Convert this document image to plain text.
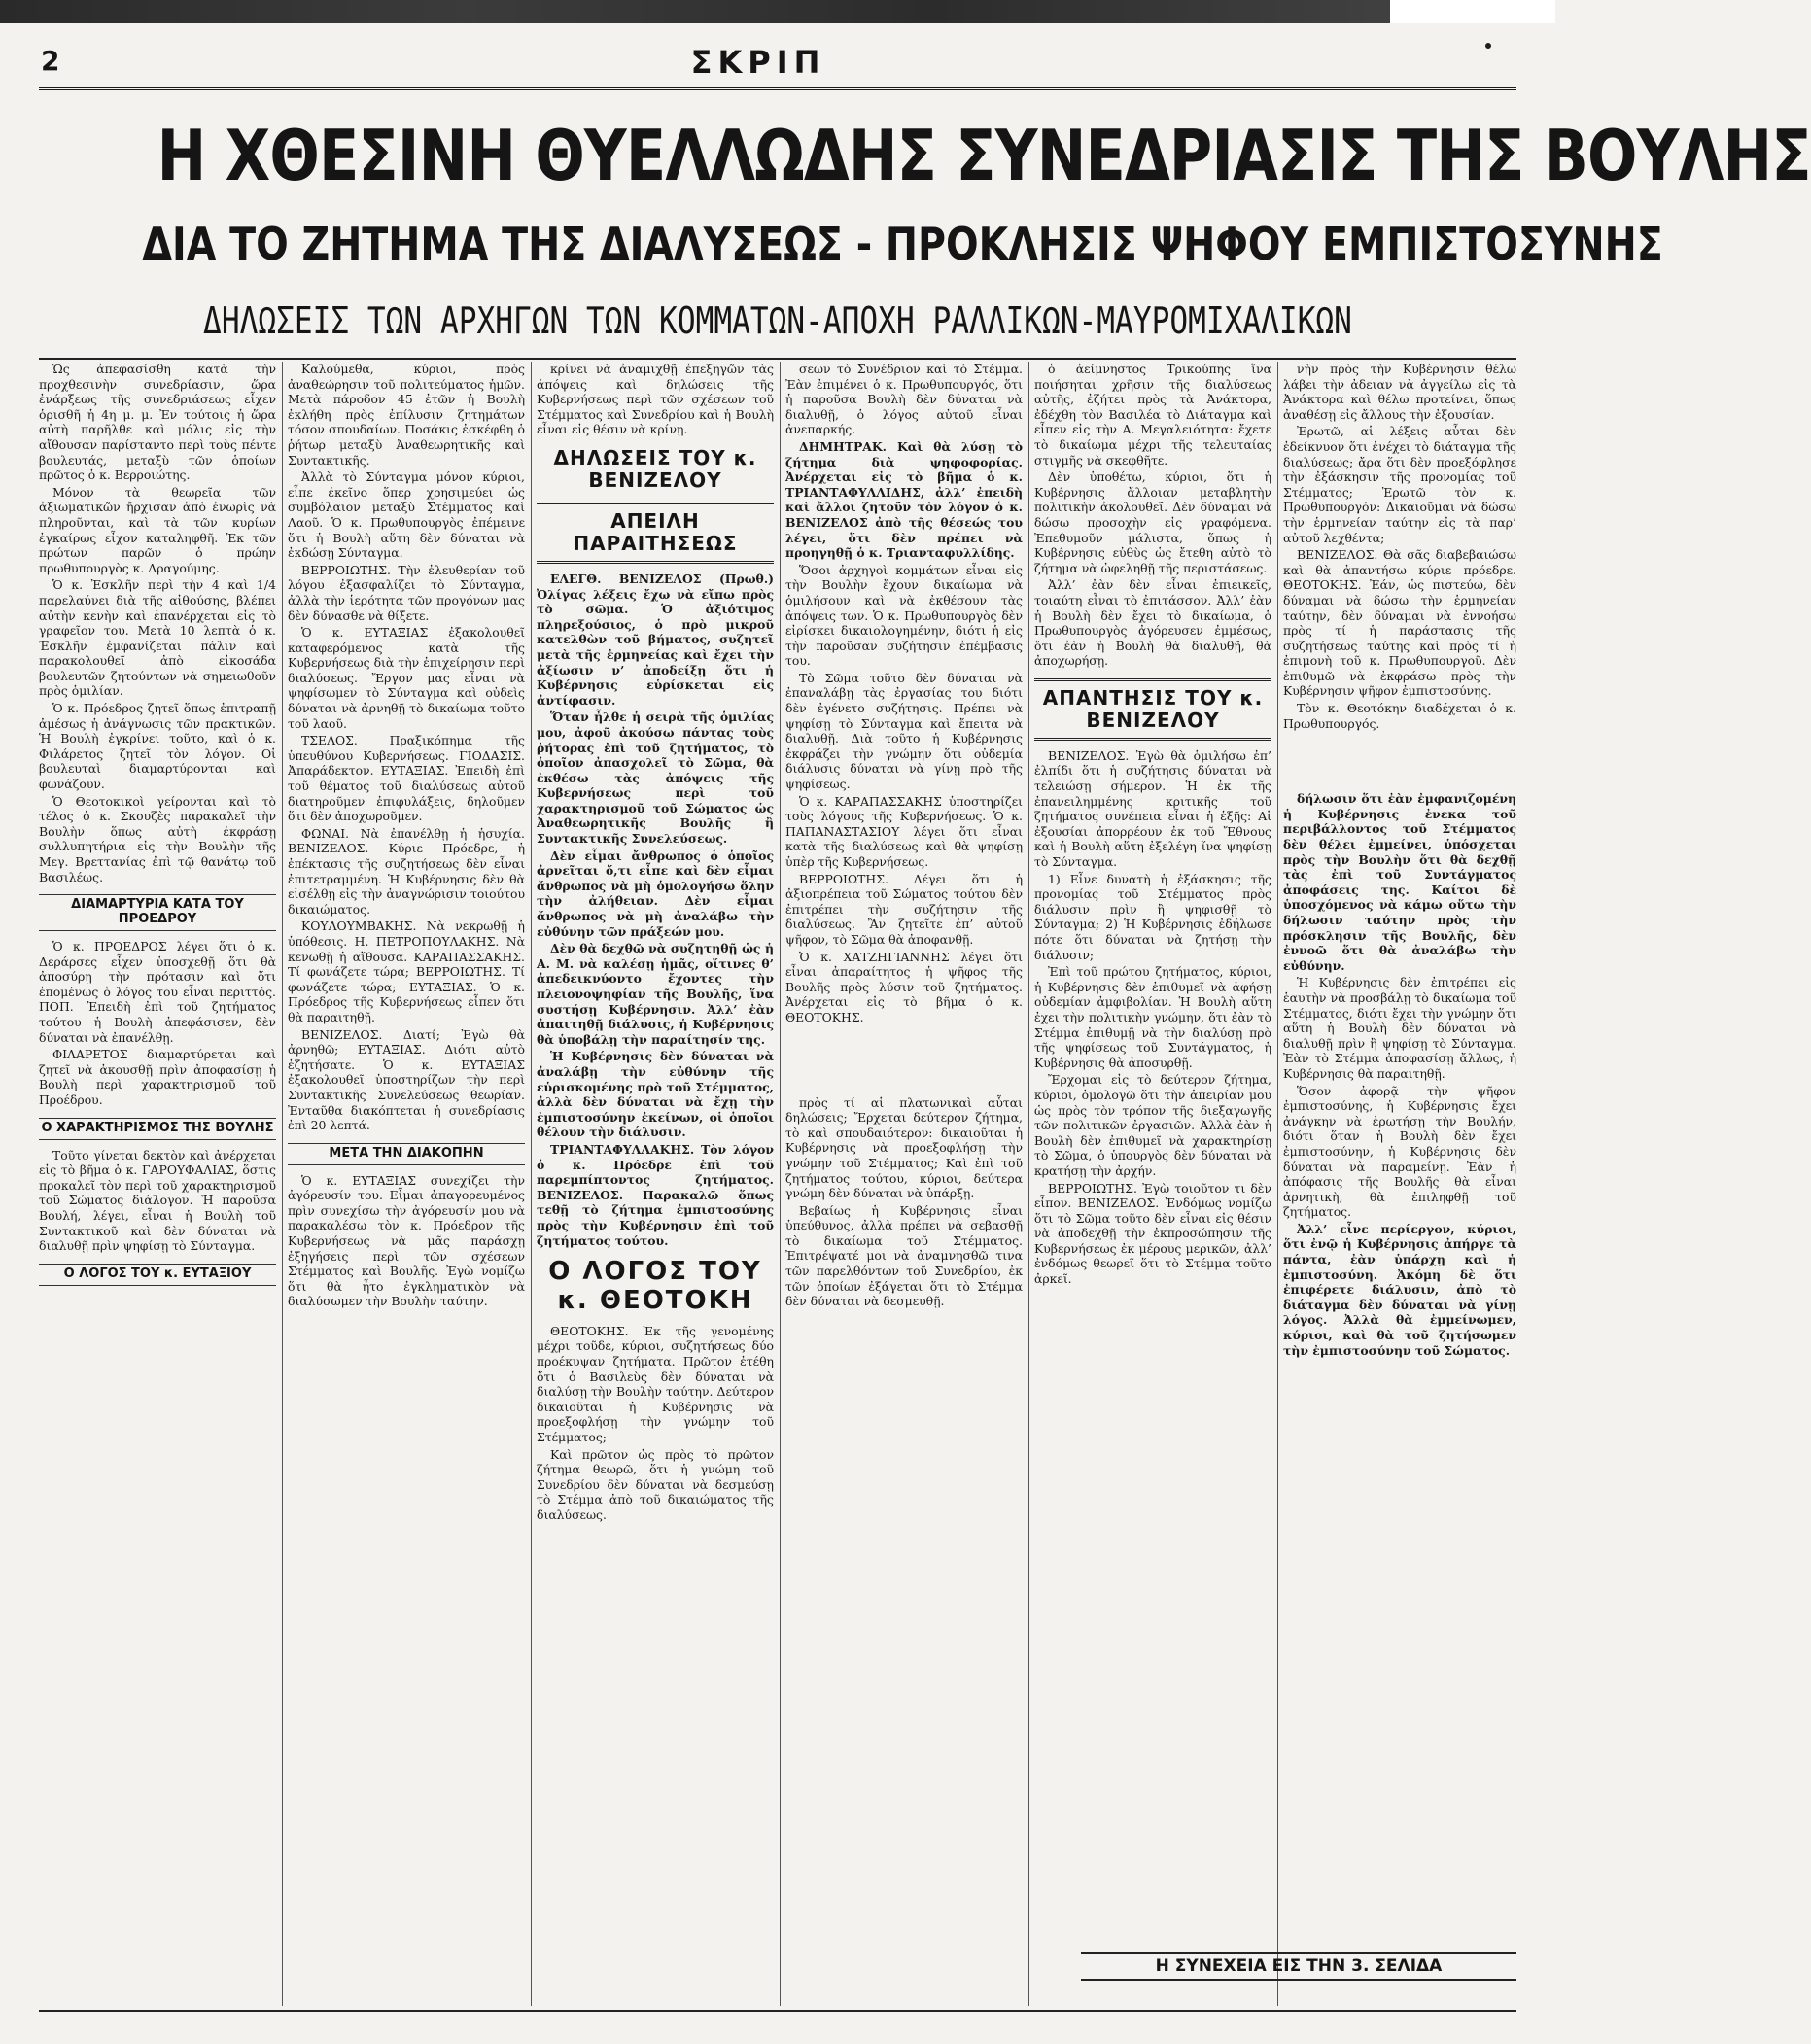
2	ΣΚΡΙΠ
Η ΧΘΕΣΙΝΗ ΘΥΕΛΛΩΔΗΣ ΣΥΝΕΔΡΙΑΣΙΣ ΤΗΣ ΒΟΥΛΗΣ
ΔΙΑ ΤΟ ΖΗΤΗΜΑ ΤΗΣ ΔΙΑΛΥΣΕΩΣ - ΠΡΟΚΛΗΣΙΣ ΨΗΦΟΥ ΕΜΠΙΣΤΟΣΥΝΗΣ
ΔΗΛΩΣΕΙΣ ΤΩΝ ΑΡΧΗΓΩΝ ΤΩΝ ΚΟΜΜΑΤΩΝ-ΑΠΟΧΗ ΡΑΛΛΙΚΩΝ-ΜΑΥΡΟΜΙΧΑΛΙΚΩΝ

Ὡς ἀπεφασίσθη κατὰ τὴν προχθεσινὴν συνεδρίασιν, ὥρα ἐνάρξεως τῆς συνεδριάσεως εἶχεν ὁρισθῆ ἡ 4η μ. μ. Ἐν τούτοις ἡ ὥρα αὐτὴ παρῆλθε καὶ μόλις εἰς τὴν αἴθουσαν παρίσταντο περὶ τοὺς πέντε βουλευτάς, μεταξὺ τῶν ὁποίων πρῶτος ὁ κ. Βερροιώτης.

Μόνον τὰ θεωρεῖα τῶν ἀξιωματικῶν ἤρχισαν ἀπὸ ἐνωρὶς νὰ πληροῦνται, καὶ τὰ τῶν κυρίων ἐγκαίρως εἶχον καταληφθῆ. Ἐκ τῶν πρώτων παρῶν ὁ πρώην πρωθυπουργὸς κ. Δραγούμης.

Ὁ κ. Ἐσκλῆν περὶ τὴν 4 καὶ 1/4 παρελαύνει διὰ τῆς αἰθούσης, βλέπει αὐτὴν κενὴν καὶ ἐπανέρχεται εἰς τὸ γραφεῖον του. Μετὰ 10 λεπτὰ ὁ κ. Ἐσκλῆν ἐμφανίζεται πάλιν καὶ παρακολουθεῖ ἀπὸ εἰκοσάδα βουλευτῶν ζητούντων νὰ σημειωθοῦν πρὸς ὁμιλίαν.

Ὁ κ. Πρόεδρος ζητεῖ ὅπως ἐπιτραπῇ ἀμέσως ἡ ἀνάγνωσις τῶν πρακτικῶν. Ἡ Βουλὴ ἐγκρίνει τοῦτο, καὶ ὁ κ. Φιλάρετος ζητεῖ τὸν λόγον. Οἱ βουλευταὶ διαμαρτύρονται καὶ φωνάζουν.

Ὁ Θεοτοκικοὶ γείρονται καὶ τὸ τέλος ὁ κ. Σκουζὲς παρακαλεῖ τὴν Βουλὴν ὅπως αὐτὴ ἐκφράσῃ συλλυπητήρια εἰς τὴν Βουλὴν τῆς Μεγ. Βρεττανίας ἐπὶ τῷ θανάτῳ τοῦ Βασιλέως.

ΔΙΑΜΑΡΤΥΡΙΑ ΚΑΤΑ ΤΟΥ ΠΡΟΕΔΡΟΥ

Ὁ κ. ΠΡΟΕΔΡΟΣ λέγει ὅτι ὁ κ. Δεράρσες εἶχεν ὑποσχεθῇ ὅτι θὰ ἀποσύρῃ τὴν πρότασιν καὶ ὅτι ἐπομένως ὁ λόγος του εἶναι περιττός. ΠΟΠ. Ἐπειδὴ ἐπὶ τοῦ ζητήματος τούτου ἡ Βουλὴ ἀπεφάσισεν, δὲν δύναται νὰ ἐπανέλθῃ.

ΦΙΛΑΡΕΤΟΣ διαμαρτύρεται καὶ ζητεῖ νὰ ἀκουσθῇ πρὶν ἀποφασίσῃ ἡ Βουλὴ περὶ χαρακτηρισμοῦ τοῦ Προέδρου.

Ο ΧΑΡΑΚΤΗΡΙΣΜΟΣ ΤΗΣ ΒΟΥΛΗΣ

Τοῦτο γίνεται δεκτὸν καὶ ἀνέρχεται εἰς τὸ βῆμα ὁ κ. ΓΑΡΟΥΦΑΛΙΑΣ, ὅστις προκαλεῖ τὸν περὶ τοῦ χαρακτηρισμοῦ τοῦ Σώματος διάλογον. Ἡ παροῦσα Βουλή, λέγει, εἶναι ἡ Βουλὴ τοῦ Συντακτικοῦ καὶ δὲν δύναται νὰ διαλυθῇ πρὶν ψηφίσῃ τὸ Σύνταγμα.

Ο ΛΟΓΟΣ ΤΟΥ κ. ΕΥΤΑΞΙΟΥ

Καλούμεθα, κύριοι, πρὸς ἀναθεώρησιν τοῦ πολιτεύματος ἡμῶν. Μετὰ πάροδον 45 ἐτῶν ἡ Βουλὴ ἐκλήθη πρὸς ἐπίλυσιν ζητημάτων τόσον σπουδαίων. Ποσάκις ἐσκέφθη ὁ ῥήτωρ μεταξὺ Ἀναθεωρητικῆς καὶ Συντακτικῆς.

Ἀλλὰ τὸ Σύνταγμα μόνον κύριοι, εἶπε ἐκεῖνο ὅπερ χρησιμεύει ὡς συμβόλαιον μεταξὺ Στέμματος καὶ Λαοῦ. Ὁ κ. Πρωθυπουργὸς ἐπέμεινε ὅτι ἡ Βουλὴ αὕτη δὲν δύναται νὰ ἐκδώσῃ Σύνταγμα.

ΒΕΡΡΟΙΩΤΗΣ. Τὴν ἐλευθερίαν τοῦ λόγου ἐξασφαλίζει τὸ Σύνταγμα, ἀλλὰ τὴν ἱερότητα τῶν προγόνων μας δὲν δύνασθε νὰ θίξετε.

Ὁ κ. ΕΥΤΑΞΙΑΣ ἐξακολουθεῖ καταφερόμενος κατὰ τῆς Κυβερνήσεως διὰ τὴν ἐπιχείρησιν περὶ διαλύσεως. Ἔργον μας εἶναι νὰ ψηφίσωμεν τὸ Σύνταγμα καὶ οὐδεὶς δύναται νὰ ἀρνηθῇ τὸ δικαίωμα τοῦτο τοῦ λαοῦ.

ΤΣΕΛΟΣ. Πραξικόπημα τῆς ὑπευθύνου Κυβερνήσεως. ΓΙΟΔΑΣΙΣ. Ἀπαράδεκτον. ΕΥΤΑΞΙΑΣ. Ἐπειδὴ ἐπὶ τοῦ θέματος τοῦ διαλύσεως αὐτοῦ διατηροῦμεν ἐπιφυλάξεις, δηλοῦμεν ὅτι δὲν ἀποχωροῦμεν.

ΦΩΝΑΙ. Νὰ ἐπανέλθῃ ἡ ἡσυχία. ΒΕΝΙΖΕΛΟΣ. Κύριε Πρόεδρε, ἡ ἐπέκτασις τῆς συζητήσεως δὲν εἶναι ἐπιτετραμμένη. Ἡ Κυβέρνησις δὲν θὰ εἰσέλθῃ εἰς τὴν ἀναγνώρισιν τοιούτου δικαιώματος.

ΚΟΥΛΟΥΜΒΑΚΗΣ. Νὰ νεκρωθῇ ἡ ὑπόθεσις. Η. ΠΕΤΡΟΠΟΥΛΑΚΗΣ. Νὰ κενωθῇ ἡ αἴθουσα. ΚΑΡΑΠΑΣΣΑΚΗΣ. Τί φωνάζετε τώρα; ΒΕΡΡΟΙΩΤΗΣ. Τί φωνάζετε τώρα; ΕΥΤΑΞΙΑΣ. Ὁ κ. Πρόεδρος τῆς Κυβερνήσεως εἶπεν ὅτι θὰ παραιτηθῇ.

ΒΕΝΙΖΕΛΟΣ. Διατί; Ἐγὼ θὰ ἀρνηθῶ; ΕΥΤΑΞΙΑΣ. Διότι αὐτὸ ἐζητήσατε. Ὁ κ. ΕΥΤΑΞΙΑΣ ἐξακολουθεῖ ὑποστηρίζων τὴν περὶ Συντακτικῆς Συνελεύσεως θεωρίαν. Ἐνταῦθα διακόπτεται ἡ συνεδρίασις ἐπὶ 20 λεπτά.

ΜΕΤΑ ΤΗΝ ΔΙΑΚΟΠΗΝ

Ὁ κ. ΕΥΤΑΞΙΑΣ συνεχίζει τὴν ἀγόρευσίν του. Εἶμαι ἀπαγορευμένος πρὶν συνεχίσω τὴν ἀγόρευσίν μου νὰ παρακαλέσω τὸν κ. Πρόεδρον τῆς Κυβερνήσεως νὰ μᾶς παράσχῃ ἐξηγήσεις περὶ τῶν σχέσεων Στέμματος καὶ Βουλῆς. Ἐγὼ νομίζω ὅτι θὰ ἦτο ἐγκληματικὸν νὰ διαλύσωμεν τὴν Βουλὴν ταύτην.

κρίνει νὰ ἀναμιχθῇ ἐπεξηγῶν τὰς ἀπόψεις καὶ δηλώσεις τῆς Κυβερνήσεως περὶ τῶν σχέσεων τοῦ Στέμματος καὶ Συνεδρίου καὶ ἡ Βουλὴ εἶναι εἰς θέσιν νὰ κρίνῃ.

ΔΗΛΩΣΕΙΣ ΤΟΥ κ. ΒΕΝΙΖΕΛΟΥ
ΑΠΕΙΛΗ ΠΑΡΑΙΤΗΣΕΩΣ

ΕΛΕΓΘ. ΒΕΝΙΖΕΛΟΣ (Πρωθ.) Ὀλίγας λέξεις ἔχω νὰ εἴπω πρὸς τὸ σῶμα. Ὁ ἀξιότιμος πληρεξούσιος, ὁ πρὸ μικροῦ κατελθὼν τοῦ βήματος, συζητεῖ μετὰ τῆς ἐρμηνείας καὶ ἔχει τὴν ἀξίωσιν ν’ ἀποδείξῃ ὅτι ἡ Κυβέρνησις εὑρίσκεται εἰς ἀντίφασιν.

Ὅταν ἦλθε ἡ σειρὰ τῆς ὁμιλίας μου, ἀφοῦ ἀκούσω πάντας τοὺς ῥήτορας ἐπὶ τοῦ ζητήματος, τὸ ὁποῖον ἀπασχολεῖ τὸ Σῶμα, θὰ ἐκθέσω τὰς ἀπόψεις τῆς Κυβερνήσεως περὶ τοῦ χαρακτηρισμοῦ τοῦ Σώματος ὡς Ἀναθεωρητικῆς Βουλῆς ἢ Συντακτικῆς Συνελεύσεως.

Δὲν εἶμαι ἄνθρωπος ὁ ὁποῖος ἀρνεῖται ὅ,τι εἶπε καὶ δὲν εἶμαι ἄνθρωπος νὰ μὴ ὁμολογήσω ὅλην τὴν ἀλήθειαν. Δὲν εἶμαι ἄνθρωπος νὰ μὴ ἀναλάβω τὴν εὐθύνην τῶν πράξεών μου.

Δὲν θὰ δεχθῶ νὰ συζητηθῇ ὡς ἡ Α. Μ. νὰ καλέσῃ ἡμᾶς, οἵτινες θ’ ἀπεδεικνύοντο ἔχοντες τὴν πλειονοψηφίαν τῆς Βουλῆς, ἵνα συστήσῃ Κυβέρνησιν. Ἀλλ’ ἐὰν ἀπαιτηθῇ διάλυσις, ἡ Κυβέρνησις θὰ ὑποβάλῃ τὴν παραίτησίν της.

Ἡ Κυβέρνησις δὲν δύναται νὰ ἀναλάβῃ τὴν εὐθύνην τῆς εὑρισκομένης πρὸ τοῦ Στέμματος, ἀλλὰ δὲν δύναται νὰ ἔχῃ τὴν ἐμπιστοσύνην ἐκείνων, οἱ ὁποῖοι θέλουν τὴν διάλυσιν.

ΤΡΙΑΝΤΑΦΥΛΛΑΚΗΣ. Τὸν λόγον ὁ κ. Πρόεδρε ἐπὶ τοῦ παρεμπίπτοντος ζητήματος. ΒΕΝΙΖΕΛΟΣ. Παρακαλῶ ὅπως τεθῇ τὸ ζήτημα ἐμπιστοσύνης πρὸς τὴν Κυβέρνησιν ἐπὶ τοῦ ζητήματος τούτου.

Ο ΛΟΓΟΣ ΤΟΥ κ. ΘΕΟΤΟΚΗ

ΘΕΟΤΟΚΗΣ. Ἐκ τῆς γενομένης μέχρι τοῦδε, κύριοι, συζητήσεως δύο προέκυψαν ζητήματα. Πρῶτον ἐτέθη ὅτι ὁ Βασιλεὺς δὲν δύναται νὰ διαλύσῃ τὴν Βουλὴν ταύτην. Δεύτερον δικαιοῦται ἡ Κυβέρνησις νὰ προεξοφλήσῃ τὴν γνώμην τοῦ Στέμματος;

Καὶ πρῶτον ὡς πρὸς τὸ πρῶτον ζήτημα θεωρῶ, ὅτι ἡ γνώμη τοῦ Συνεδρίου δὲν δύναται νὰ δεσμεύσῃ τὸ Στέμμα ἀπὸ τοῦ δικαιώματος τῆς διαλύσεως.

σεων τὸ Συνέδριον καὶ τὸ Στέμμα. Ἐὰν ἐπιμένει ὁ κ. Πρωθυπουργός, ὅτι ἡ παροῦσα Βουλὴ δὲν δύναται νὰ διαλυθῇ, ὁ λόγος αὐτοῦ εἶναι ἀνεπαρκής.

ΔΗΜΗΤΡΑΚ. Καὶ θὰ λύσῃ τὸ ζήτημα διὰ ψηφοφορίας. Ἀνέρχεται εἰς τὸ βῆμα ὁ κ. ΤΡΙΑΝΤΑΦΥΛΛΙΔΗΣ, ἀλλ’ ἐπειδὴ καὶ ἄλλοι ζητοῦν τὸν λόγον ὁ κ. ΒΕΝΙΖΕΛΟΣ ἀπὸ τῆς θέσεώς του λέγει, ὅτι δὲν πρέπει νὰ προηγηθῇ ὁ κ. Τριανταφυλλίδης.

Ὅσοι ἀρχηγοὶ κομμάτων εἶναι εἰς τὴν Βουλὴν ἔχουν δικαίωμα νὰ ὁμιλήσουν καὶ νὰ ἐκθέσουν τὰς ἀπόψεις των. Ὁ κ. Πρωθυπουργὸς δὲν εἰρίσκει δικαιολογημένην, διότι ἡ εἰς τὴν παροῦσαν συζήτησιν ἐπέμβασις του.

Τὸ Σῶμα τοῦτο δὲν δύναται νὰ ἐπαναλάβῃ τὰς ἐργασίας του διότι δὲν ἐγένετο συζήτησις. Πρέπει νὰ ψηφίσῃ τὸ Σύνταγμα καὶ ἔπειτα νὰ διαλυθῇ. Διὰ τοῦτο ἡ Κυβέρνησις ἐκφράζει τὴν γνώμην ὅτι οὐδεμία διάλυσις δύναται νὰ γίνῃ πρὸ τῆς ψηφίσεως.

Ὁ κ. ΚΑΡΑΠΑΣΣΑΚΗΣ ὑποστηρίζει τοὺς λόγους τῆς Κυβερνήσεως. Ὁ κ. ΠΑΠΑΝΑΣΤΑΣΙΟΥ λέγει ὅτι εἶναι κατὰ τῆς διαλύσεως καὶ θὰ ψηφίσῃ ὑπὲρ τῆς Κυβερνήσεως.

ΒΕΡΡΟΙΩΤΗΣ. Λέγει ὅτι ἡ ἀξιοπρέπεια τοῦ Σώματος τούτου δὲν ἐπιτρέπει τὴν συζήτησιν τῆς διαλύσεως. Ἂν ζητεῖτε ἐπ’ αὐτοῦ ψῆφον, τὸ Σῶμα θὰ ἀποφανθῇ.

Ὁ κ. ΧΑΤΖΗΓΙΑΝΝΗΣ λέγει ὅτι εἶναι ἀπαραίτητος ἡ ψῆφος τῆς Βουλῆς πρὸς λύσιν τοῦ ζητήματος. Ἀνέρχεται εἰς τὸ βῆμα ὁ κ. ΘΕΟΤΟΚΗΣ.

πρὸς τί αἱ πλατωνικαὶ αὗται δηλώσεις; Ἔρχεται δεύτερον ζήτημα, τὸ καὶ σπουδαιότερον: δικαιοῦται ἡ Κυβέρνησις νὰ προεξοφλήσῃ τὴν γνώμην τοῦ Στέμματος; Καὶ ἐπὶ τοῦ ζητήματος τούτου, κύριοι, δεύτερα γνώμη δὲν δύναται νὰ ὑπάρξῃ.

Βεβαίως ἡ Κυβέρνησις εἶναι ὑπεύθυνος, ἀλλὰ πρέπει νὰ σεβασθῇ τὸ δικαίωμα τοῦ Στέμματος. Ἐπιτρέψατέ μοι νὰ ἀναμνησθῶ τινα τῶν παρελθόντων τοῦ Συνεδρίου, ἐκ τῶν ὁποίων ἐξάγεται ὅτι τὸ Στέμμα δὲν δύναται νὰ δεσμευθῇ.

ὁ ἀείμνηστος Τρικούπης ἵνα ποιήσηται χρῆσιν τῆς διαλύσεως αὐτῆς, ἐζήτει πρὸς τὰ Ἀνάκτορα, ἐδέχθη τὸν Βασιλέα τὸ Διάταγμα καὶ εἶπεν εἰς τὴν Α. Μεγαλειότητα: ἔχετε τὸ δικαίωμα μέχρι τῆς τελευταίας στιγμῆς νὰ σκεφθῆτε.

Δὲν ὑποθέτω, κύριοι, ὅτι ἡ Κυβέρνησις ἄλλοιαν μεταβλητὴν πολιτικὴν ἀκολουθεῖ. Δὲν δύναμαι νὰ δώσω προσοχὴν εἰς γραφόμενα. Ἐπεθυμοῦν μάλιστα, ὅπως ἡ Κυβέρνησις εὐθὺς ὡς ἔτεθη αὐτὸ τὸ ζήτημα νὰ ὠφεληθῇ τῆς περιστάσεως.

Ἀλλ’ ἐὰν δὲν εἶναι ἐπιεικεῖς, τοιαύτη εἶναι τὸ ἐπιτάσσον. Ἀλλ’ ἐὰν ἡ Βουλὴ δὲν ἔχει τὸ δικαίωμα, ὁ Πρωθυπουργὸς ἀγόρευσεν ἐμμέσως, ὅτι ἐὰν ἡ Βουλὴ θὰ διαλυθῇ, θὰ ἀποχωρήσῃ.

ΑΠΑΝΤΗΣΙΣ ΤΟΥ κ. ΒΕΝΙΖΕΛΟΥ

ΒΕΝΙΖΕΛΟΣ. Ἐγὼ θὰ ὁμιλήσω ἐπ’ ἐλπίδι ὅτι ἡ συζήτησις δύναται νὰ τελειώσῃ σήμερον. Ἡ ἐκ τῆς ἐπανειλημμένης κριτικῆς τοῦ ζητήματος συνέπεια εἶναι ἡ ἑξῆς: Αἱ ἐξουσίαι ἀπορρέουν ἐκ τοῦ Ἔθνους καὶ ἡ Βουλὴ αὕτη ἐξελέγη ἵνα ψηφίσῃ τὸ Σύνταγμα.

1) Εἶνε δυνατὴ ἡ ἐξάσκησις τῆς προνομίας τοῦ Στέμματος πρὸς διάλυσιν πρὶν ἢ ψηφισθῇ τὸ Σύνταγμα; 2) Ἡ Κυβέρνησις ἐδήλωσε πότε ὅτι δύναται νὰ ζητήσῃ τὴν διάλυσιν;

Ἐπὶ τοῦ πρώτου ζητήματος, κύριοι, ἡ Κυβέρνησις δὲν ἐπιθυμεῖ νὰ ἀφήσῃ οὐδεμίαν ἀμφιβολίαν. Ἡ Βουλὴ αὕτη ἐχει τὴν πολιτικὴν γνώμην, ὅτι ἐὰν τὸ Στέμμα ἐπιθυμῇ νὰ τὴν διαλύσῃ πρὸ τῆς ψηφίσεως τοῦ Συντάγματος, ἡ Κυβέρνησις θὰ ἀποσυρθῇ.

Ἔρχομαι εἰς τὸ δεύτερον ζήτημα, κύριοι, ὁμολογῶ ὅτι τὴν ἀπειρίαν μου ὡς πρὸς τὸν τρόπον τῆς διεξαγωγῆς τῶν πολιτικῶν ἐργασιῶν. Ἀλλὰ ἐὰν ἡ Βουλὴ δὲν ἐπιθυμεῖ νὰ χαρακτηρίσῃ τὸ Σῶμα, ὁ ὑπουργὸς δὲν δύναται νὰ κρατήσῃ τὴν ἀρχήν.

ΒΕΡΡΟΙΩΤΗΣ. Ἐγὼ τοιοῦτον τι δὲν εἶπον. ΒΕΝΙΖΕΛΟΣ. Ἐνδόμως νομίζω ὅτι τὸ Σῶμα τοῦτο δὲν εἶναι εἰς θέσιν νὰ ἀποδεχθῇ τὴν ἐκπροσώπησιν τῆς Κυβερνήσεως ἐκ μέρους μερικῶν, ἀλλ’ ἐνδόμως θεωρεῖ ὅτι τὸ Στέμμα τοῦτο ἀρκεῖ.

νὴν πρὸς τὴν Κυβέρνησιν θέλω λάβει τὴν ἀδειαν νὰ ἀγγείλω εἰς τὰ Ἀνάκτορα καὶ θέλω προτείνει, ὅπως ἀναθέσῃ εἰς ἄλλους τὴν ἐξουσίαν.

Ἐρωτῶ, αἱ λέξεις αὗται δὲν ἐδείκνυον ὅτι ἐνέχει τὸ διάταγμα τῆς διαλύσεως; ἄρα ὅτι δὲν προεξόφλησε τὴν ἐξάσκησιν τῆς προνομίας τοῦ Στέμματος; Ἐρωτῶ τὸν κ. Πρωθυπουργόν: Δικαιοῦμαι νὰ δώσω τὴν ἑρμηνείαν ταύτην εἰς τὰ παρ’ αὐτοῦ λεχθέντα;

ΒΕΝΙΖΕΛΟΣ. Θὰ σᾶς διαβεβαιώσω καὶ θὰ ἀπαντήσω κύριε πρόεδρε. ΘΕΟΤΟΚΗΣ. Ἐάν, ὡς πιστεύω, δὲν δύναμαι νὰ δώσω τὴν ἑρμηνείαν ταύτην, δὲν δύναμαι νὰ ἐννοήσω πρὸς τί ἡ παράστασις τῆς συζητήσεως ταύτης καὶ πρὸς τί ἡ ἐπιμονὴ τοῦ κ. Πρωθυπουργοῦ. Δὲν ἐπιθυμῶ νὰ ἐκφράσω πρὸς τὴν Κυβέρνησιν ψῆφον ἐμπιστοσύνης.

Τὸν κ. Θεοτόκην διαδέχεται ὁ κ. Πρωθυπουργός.

δήλωσιν ὅτι ἐὰν ἐμφανιζομένη ἡ Κυβέρνησις ἐνεκα τοῦ περιβάλλοντος τοῦ Στέμματος δὲν θέλει ἐμμείνει, ὑπόσχεται πρὸς τὴν Βουλὴν ὅτι θὰ δεχθῇ τὰς ἐπὶ τοῦ Συντάγματος ἀποφάσεις της. Καίτοι δὲ ὑποσχόμενος νὰ κάμω οὕτω τὴν δήλωσιν ταύτην πρὸς τὴν πρόσκλησιν τῆς Βουλῆς, δὲν ἐννοῶ ὅτι θὰ ἀναλάβω τὴν εὐθύνην.

Ἡ Κυβέρνησις δὲν ἐπιτρέπει εἰς ἑαυτὴν νὰ προσβάλῃ τὸ δικαίωμα τοῦ Στέμματος, διότι ἔχει τὴν γνώμην ὅτι αὕτη ἡ Βουλὴ δὲν δύναται νὰ διαλυθῇ πρὶν ἢ ψηφίσῃ τὸ Σύνταγμα. Ἐὰν τὸ Στέμμα ἀποφασίσῃ ἄλλως, ἡ Κυβέρνησις θὰ παραιτηθῇ.

Ὅσον ἀφορᾷ τὴν ψῆφον ἐμπιστοσύνης, ἡ Κυβέρνησις ἔχει ἀνάγκην νὰ ἐρωτήσῃ τὴν Βουλήν, διότι ὅταν ἡ Βουλὴ δὲν ἔχει ἐμπιστοσύνην, ἡ Κυβέρνησις δὲν δύναται νὰ παραμείνῃ. Ἐὰν ἡ ἀπόφασις τῆς Βουλῆς θὰ εἶναι ἀρνητικὴ, θὰ ἐπιληφθῇ τοῦ ζητήματος.

Ἀλλ’ εἶνε περίεργον, κύριοι, ὅτι ἐνῷ ἡ Κυβέρνησις ἀπήργε τὰ πάντα, ἐὰν ὑπάρχῃ καὶ ἡ ἐμπιστοσύνη. Ἀκόμη δὲ ὅτι ἐπιφέρετε διάλυσιν, ἀπὸ τὸ διάταγμα δὲν δύναται νὰ γίνῃ λόγος. Ἀλλὰ θὰ ἐμμείνωμεν, κύριοι, καὶ θὰ τοῦ ζητήσωμεν τὴν ἐμπιστοσύνην τοῦ Σώματος.

Η ΣΥΝΕΧΕΙΑ ΕΙΣ ΤΗΝ 3. ΣΕΛΙΔΑ
